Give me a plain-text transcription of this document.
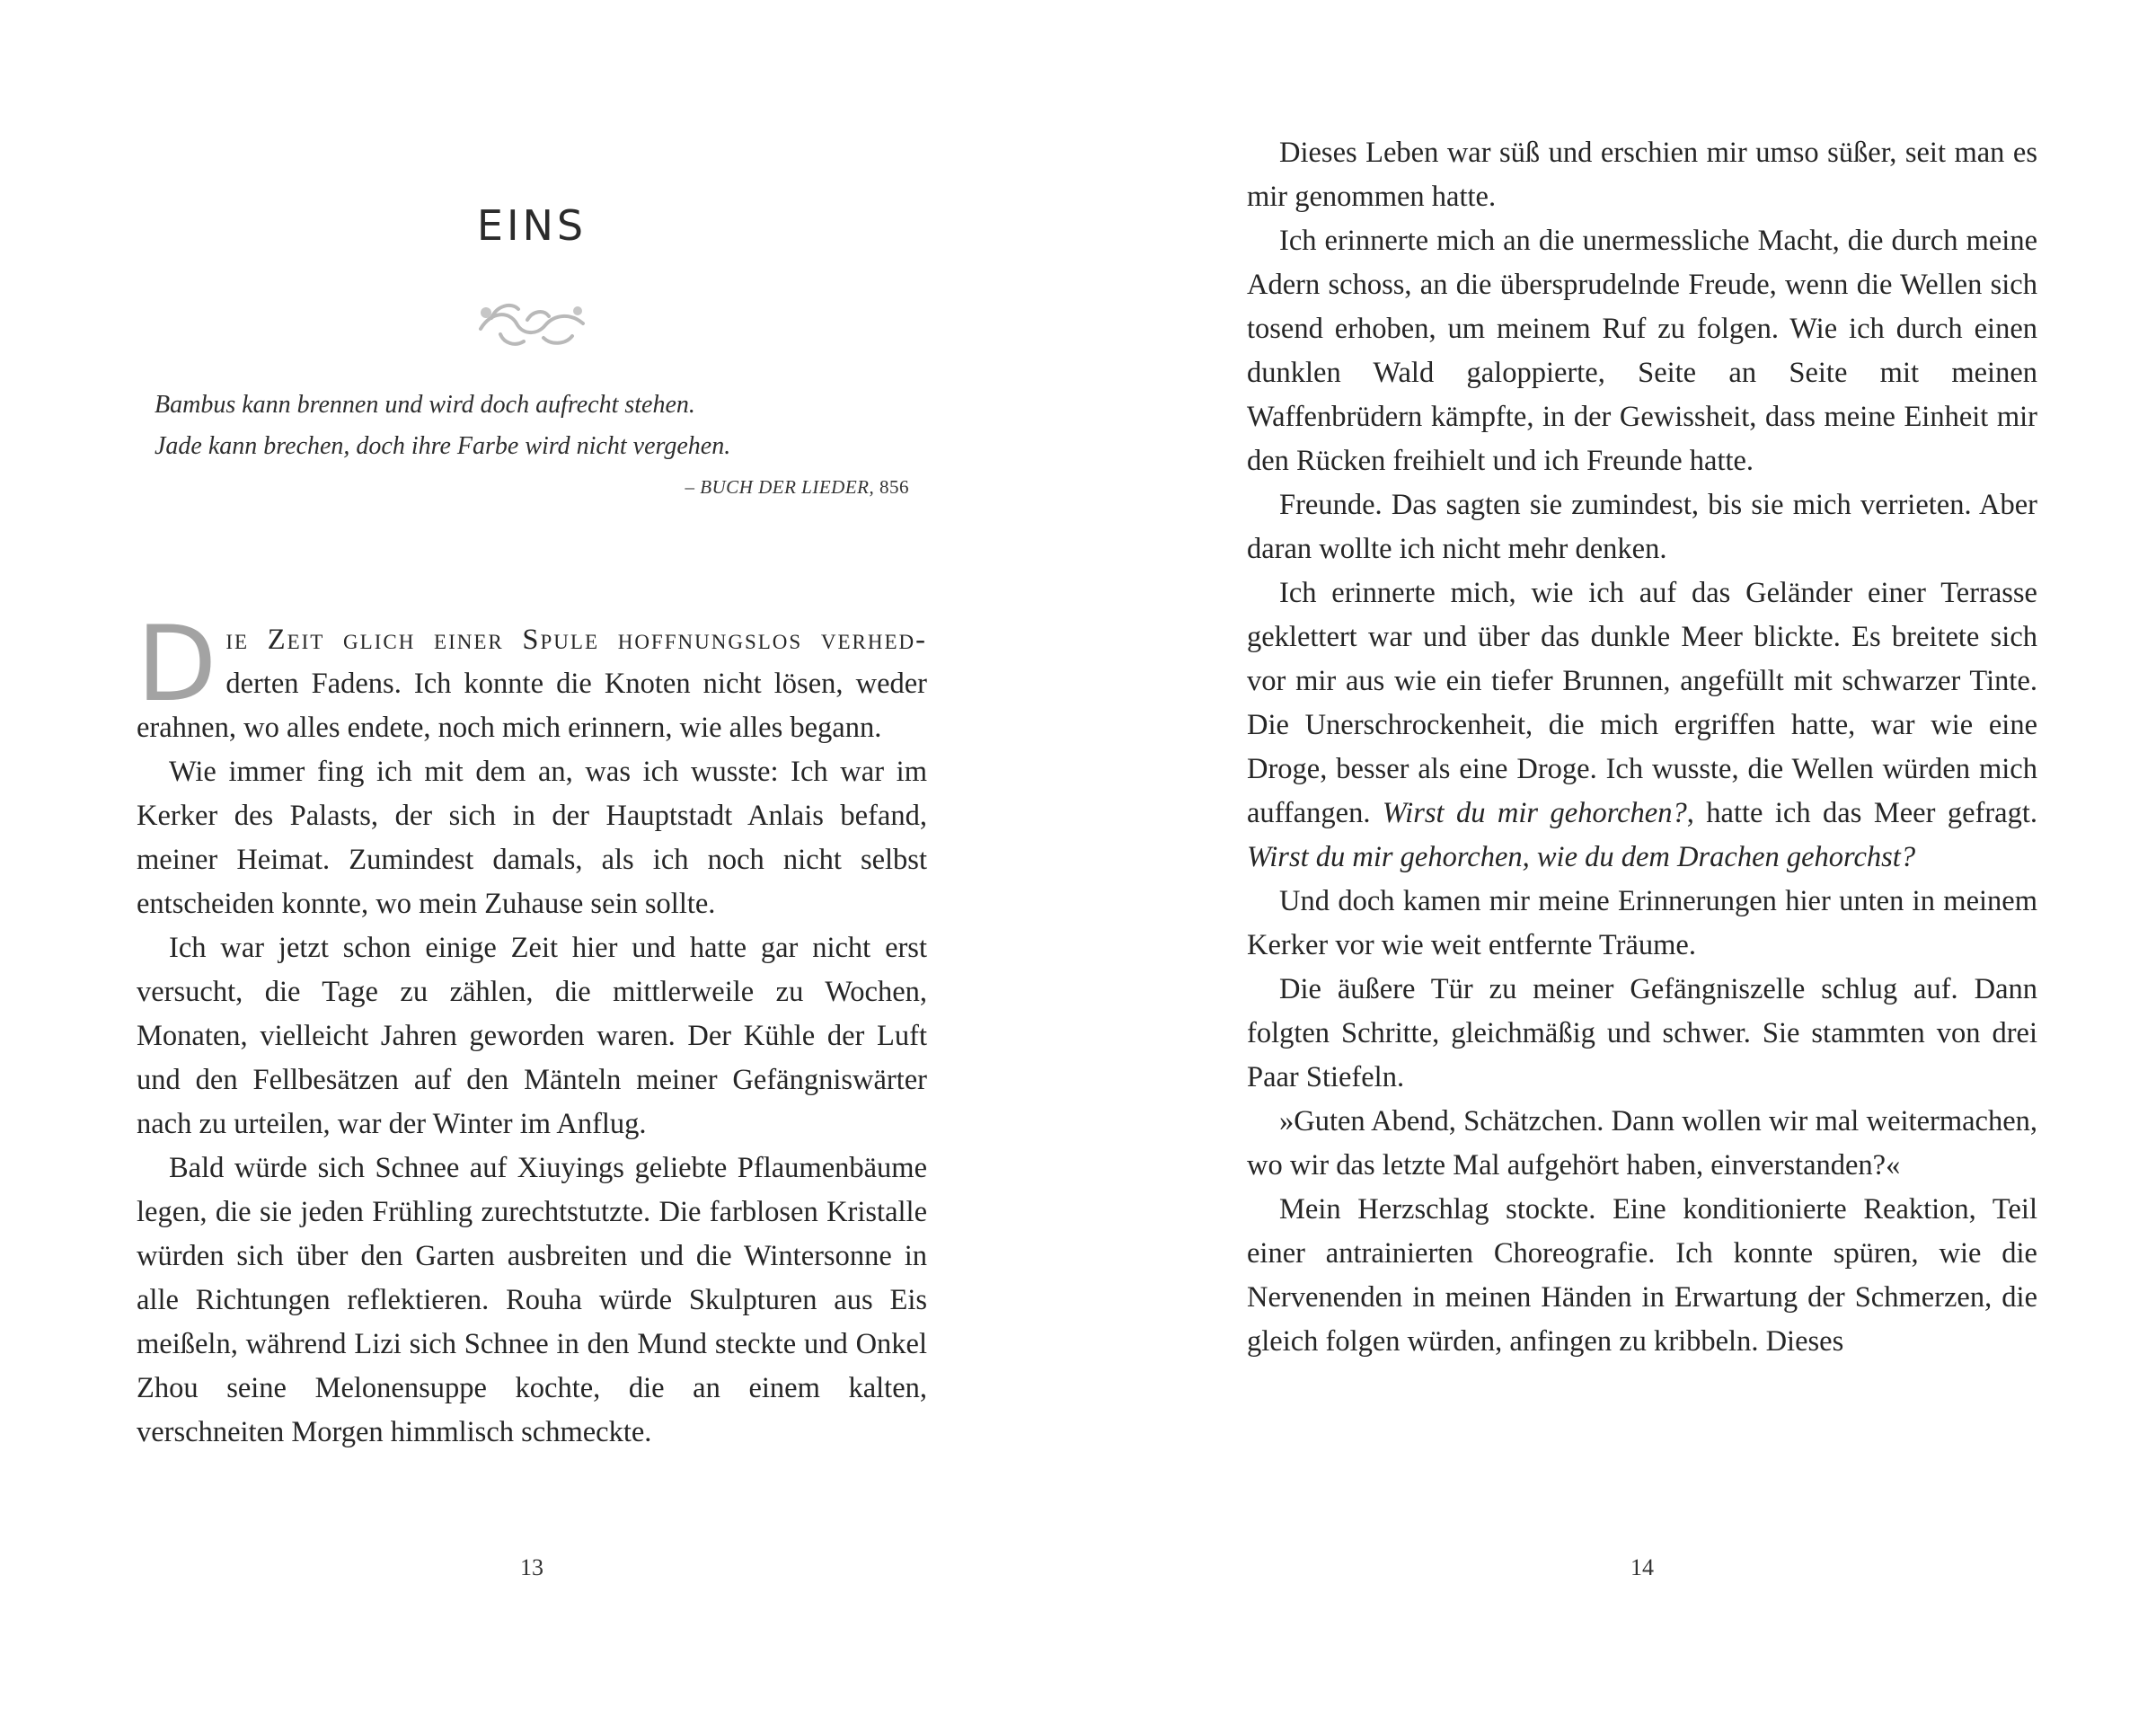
EINS
Bambus kann brennen und wird doch aufrecht stehen.
Jade kann brechen, doch ihre Farbe wird nicht vergehen.
– BUCH DER LIEDER, 856

Die Zeit glich einer Spule hoffnungslos verhed- derten Fadens. Ich konnte die Knoten nicht lösen, weder erahnen, wo alles endete, noch mich erinnern, wie alles begann.

Wie immer fing ich mit dem an, was ich wusste: Ich war im Kerker des Palasts, der sich in der Hauptstadt Anlais befand, meiner Heimat. Zumindest damals, als ich noch nicht selbst entscheiden konnte, wo mein Zuhause sein sollte.

Ich war jetzt schon einige Zeit hier und hatte gar nicht erst versucht, die Tage zu zählen, die mittlerweile zu Wochen, Monaten, vielleicht Jahren geworden waren. Der Kühle der Luft und den Fellbesätzen auf den Mänteln meiner Gefängniswärter nach zu urteilen, war der Winter im Anflug.

Bald würde sich Schnee auf Xiuyings geliebte Pflaumenbäume legen, die sie jeden Frühling zurechtstutzte. Die farblosen Kristalle würden sich über den Garten ausbreiten und die Wintersonne in alle Richtungen reflektieren. Rouha würde Skulpturen aus Eis meißeln, während Lizi sich Schnee in den Mund steckte und Onkel Zhou seine Melonensuppe kochte, die an einem kalten, verschneiten Morgen himmlisch schmeckte.

13

Dieses Leben war süß und erschien mir umso süßer, seit man es mir genommen hatte.

Ich erinnerte mich an die unermessliche Macht, die durch meine Adern schoss, an die übersprudelnde Freude, wenn die Wellen sich tosend erhoben, um meinem Ruf zu folgen. Wie ich durch einen dunklen Wald galoppierte, Seite an Seite mit meinen Waffenbrüdern kämpfte, in der Gewissheit, dass meine Einheit mir den Rücken freihielt und ich Freunde hatte.

Freunde. Das sagten sie zumindest, bis sie mich verrieten. Aber daran wollte ich nicht mehr denken.

Ich erinnerte mich, wie ich auf das Geländer einer Terrasse geklettert war und über das dunkle Meer blickte. Es breitete sich vor mir aus wie ein tiefer Brunnen, angefüllt mit schwarzer Tinte. Die Unerschrockenheit, die mich ergriffen hatte, war wie eine Droge, besser als eine Droge. Ich wusste, die Wellen würden mich auffangen. Wirst du mir gehorchen?, hatte ich das Meer gefragt. Wirst du mir gehorchen, wie du dem Drachen gehorchst?

Und doch kamen mir meine Erinnerungen hier unten in meinem Kerker vor wie weit entfernte Träume.

Die äußere Tür zu meiner Gefängniszelle schlug auf. Dann folgten Schritte, gleichmäßig und schwer. Sie stammten von drei Paar Stiefeln.

»Guten Abend, Schätzchen. Dann wollen wir mal weitermachen, wo wir das letzte Mal aufgehört haben, einverstanden?«

Mein Herzschlag stockte. Eine konditionierte Reaktion, Teil einer antrainierten Choreografie. Ich konnte spüren, wie die Nervenenden in meinen Händen in Erwartung der Schmerzen, die gleich folgen würden, anfingen zu kribbeln. Dieses

14
